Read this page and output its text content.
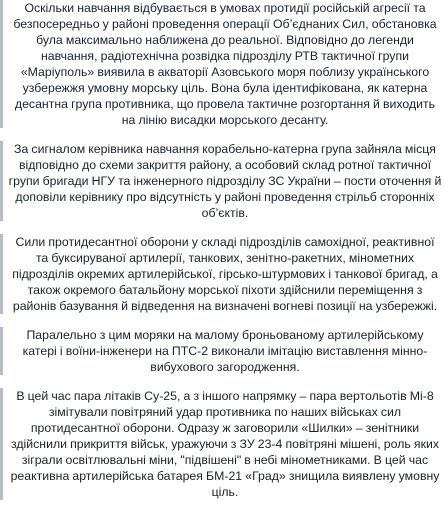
Оскільки навчання відбувається в умовах протидії російській агресії та безпосередньо у районі проведення операції Об’єднаних Сил, обстановка була максимально наближена до реальної. Відповідно до легенди навчання, радіотехнічна розвідка підрозділу РТВ тактичної групи «Маріуполь» виявила в акваторії Азовського моря поблизу українського узбережжя умовну морську ціль. Вона була ідентифікована, як катерна десантна група противника, що провела тактичне розгортання й виходить на лінію висадки морського десанту.

За сигналом керівника навчання корабельно-катерна група зайняла місця відповідно до схеми закриття району, а особовий склад ротної тактичної групи бригади НГУ та інженерного підрозділу ЗС України – пости оточення й доповіли керівнику про відсутність у районі проведення стрільб сторонніх об’єктів.

Сили протидесантної оборони у складі підрозділів самохідної, реактивної та буксируваної артилерії, танкових, зенітно-ракетних, мінометних підрозділів окремих артилерійської, гірсько-штурмових і танкової бригад, а також окремого батальйону морської піхоти здійснили переміщення з районів базування й відведення на визначені вогневі позиції на узбережжі.

Паралельно з цим моряки на малому броньованому артилерійському катері і воїни-інженери на ПТС-2 виконали імітацію виставлення мінно-вибухового загородження.

В цей час пара літаків Су-25, а з іншого напрямку – пара вертольотів Мі-8 зімітували повітряний удар противника по наших військах сил протидесантної оборони. Одразу ж заговорили «Шилки» – зенітники здійснили прикриття військ, уражуючи з ЗУ 23-4 повітряні мішені, роль яких зіграли освітлювальні міни, "підвішені" в небі мінометниками. В цей час реактивна артилерійська батарея БМ-21 «Град» знищила виявлену умовну ціль.
